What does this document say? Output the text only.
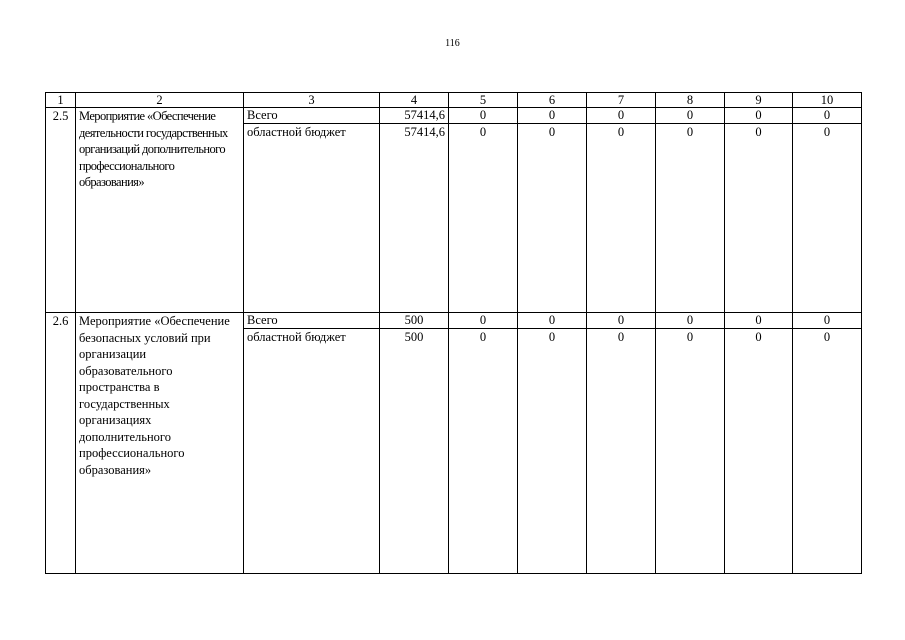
116
1	2	3	4	5	6	7	8	9	10
2.5	Мероприятие «Обеспечение деятельности государственных организаций дополнительного профессионального образования»	Всего	57414,6	0	0	0	0	0	0
		областной бюджет	57414,6	0	0	0	0	0	0
2.6	Мероприятие «Обеспечение безопасных условий при организации образовательного пространства в государственных организациях дополнительного профессионального образования»	Всего	500	0	0	0	0	0	0
		областной бюджет	500	0	0	0	0	0	0
